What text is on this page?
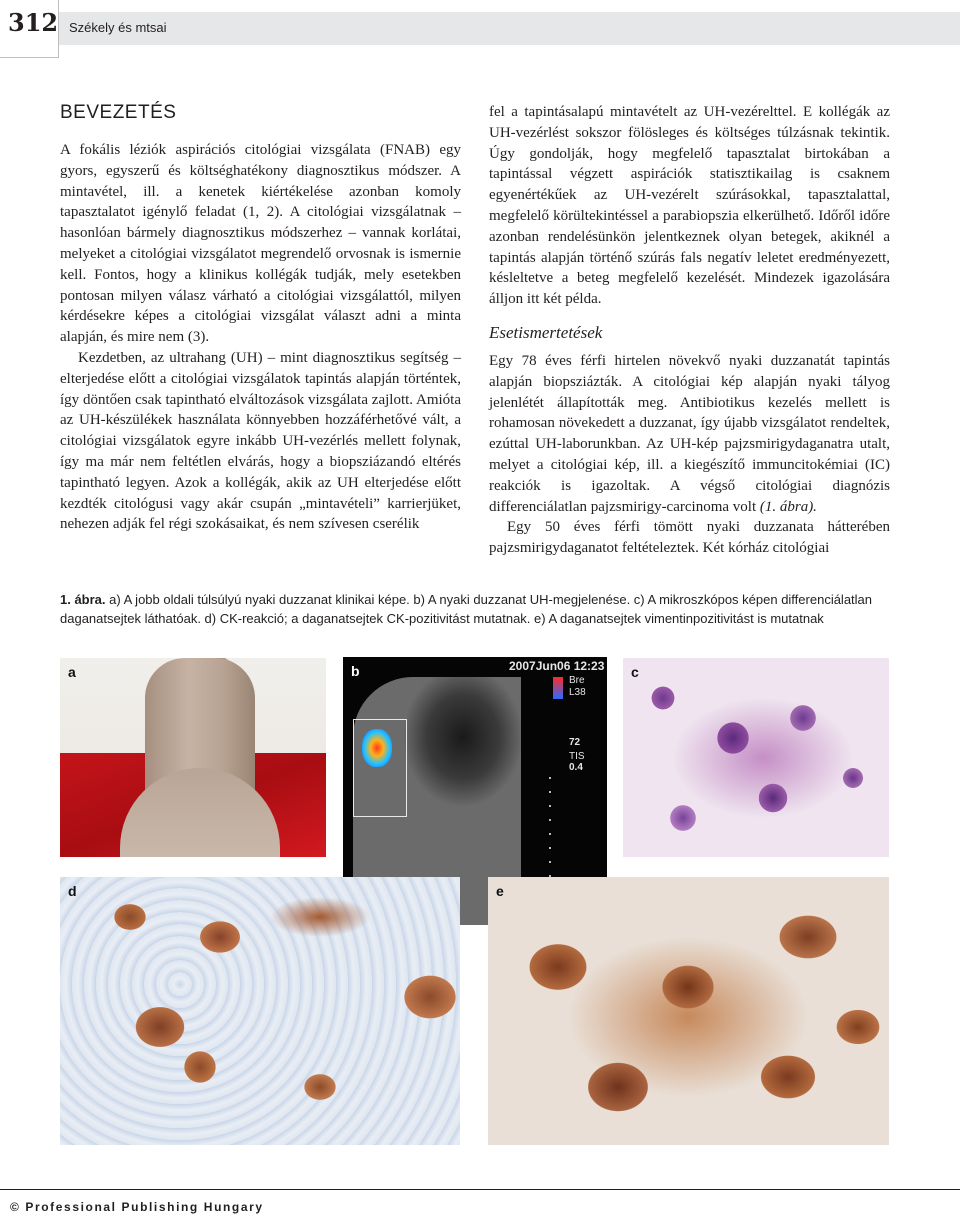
312 Székely és mtsai
BEVEZETÉS

A fokális léziók aspirációs citológiai vizsgálata (FNAB) egy gyors, egyszerű és költséghatékony diagnosztikus módszer. A mintavétel, ill. a kenetek kiértékelése azonban komoly tapasztalatot igénylő feladat (1, 2). A citológiai vizsgálatnak – hasonlóan bármely diagnosztikus módszerhez – vannak korlátai, melyeket a citológiai vizsgálatot megrendelő orvosnak is ismernie kell. Fontos, hogy a klinikus kollégák tudják, mely esetekben pontosan milyen válasz várható a citológiai vizsgálattól, milyen kérdésekre képes a citológiai vizsgálat választ adni a minta alapján, és mire nem (3).

Kezdetben, az ultrahang (UH) – mint diagnosztikus segítség – elterjedése előtt a citológiai vizsgálatok tapintás alapján történtek, így döntően csak tapintható elváltozások vizsgálata zajlott. Amióta az UH-készülékek használata könnyebben hozzáférhetővé vált, a citológiai vizsgálatok egyre inkább UH-vezérlés mellett folynak, így ma már nem feltétlen elvárás, hogy a biopsziázandó eltérés tapintható legyen. Azok a kollégák, akik az UH elterjedése előtt kezdték citológusi vagy akár csupán „mintavételi” karrierjüket, nehezen adják fel régi szokásaikat, és nem szívesen cserélik

fel a tapintásalapú mintavételt az UH-vezérelttel. E kollégák az UH-vezérlést sokszor fölösleges és költséges túlzásnak tekintik. Úgy gondolják, hogy megfelelő tapasztalat birtokában a tapintással végzett aspirációk statisztikailag is csaknem egyenértékűek az UH-vezérelt szúrásokkal, tapasztalattal, megfelelő körültekintéssel a parabiopszia elkerülhető. Időről időre azonban rendelésünkön jelentkeznek olyan betegek, akiknél a tapintás alapján történő szúrás fals negatív leletet eredményezett, késleltetve a beteg megfelelő kezelését. Mindezek igazolására álljon itt két példa.

Esetismertetések

Egy 78 éves férfi hirtelen növekvő nyaki duzzanatát tapintás alapján biopsziázták. A citológiai kép alapján nyaki tályog jelenlétét állapították meg. Antibiotikus kezelés mellett is rohamosan növekedett a duzzanat, így újabb vizsgálatot rendeltek, ezúttal UH-laborunkban. Az UH-kép pajzsmirigydaganatra utalt, melyet a citológiai kép, ill. a kiegészítő immuncitokémiai (IC) reakciók is igazoltak. A végső citológiai diagnózis differenciálatlan pajzsmirigy-carcinoma volt (1. ábra).

Egy 50 éves férfi tömött nyaki duzzanata hátterében pajzsmirigydaganatot feltételeztek. Két kórház citológiai

1. ábra. a) A jobb oldali túlsúlyú nyaki duzzanat klinikai képe. b) A nyaki duzzanat UH-megjelenése. c) A mikroszkópos képen differenciálatlan daganatsejtek láthatóak. d) CK-reakció; a daganatsejtek CK-pozitivitást mutatnak. e) A daganatsejtek vimentinpozitivitást is mutatnak
a	b	2007Jun06 12:23
Bre
L38
72
TIS
0.4
c
d	e
© Professional Publishing Hungary
